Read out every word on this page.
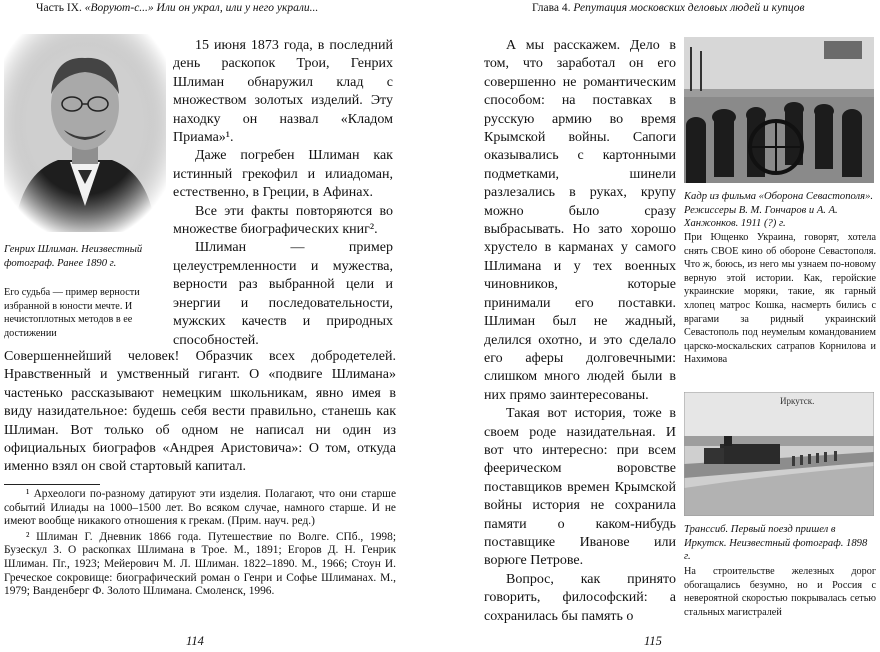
Часть IX. «Воруют-с...» Или он украл, или у него украли...
Генрих Шлиман. Неизвестный фотограф. Ранее 1890 г.
Его судьба — пример верности избранной в юности мечте. И нечистоплотных методов в ее достижении

15 июня 1873 года, в последний день раскопок Трои, Генрих Шлиман обнаружил клад с множеством золотых изделий. Эту находку он назвал «Кладом Приама»¹.

Даже погребен Шлиман как истинный грекофил и илиадоман, естественно, в Греции, в Афинах.

Все эти факты повторяются во множестве биографических книг².

Шлиман — пример целеустремленности и мужества, верности раз выбранной цели и энергии и последовательности, мужских качеств и природных способностей.

Совершеннейший человек! Образчик всех добродетелей. Нравственный и умственный гигант. О «подвиге Шлимана» частенько рассказывают немецким школьникам, явно имея в виду назидательное: будешь себя вести правильно, станешь как Шлиман. Вот только об одном не написал ни один из официальных биографов «Андрея Аристовича»: О том, откуда именно взял он свой стартовый капитал.

¹ Археологи по-разному датируют эти изделия. Полагают, что они старше событий Илиады на 1000–1500 лет. Во всяком случае, намного старше. И не имеют вообще никакого отношения к грекам. (Прим. науч. ред.)

² Шлиман Г. Дневник 1866 года. Путешествие по Волге. СПб., 1998; Бузескул З. О раскопках Шлимана в Трое. М., 1891; Егоров Д. Н. Генрик Шлиман. Пг., 1923; Мейерович М. Л. Шлиман. 1822–1890. М., 1966; Стоун И. Греческое сокровище: биографический роман о Генри и Софье Шлиманах. М., 1979; Ванденберг Ф. Золото Шлимана. Смоленск, 1996.

114
Глава 4. Репутация московских деловых людей и купцов

А мы расскажем. Дело в том, что заработал он его совершенно не романтическим способом: на поставках в русскую армию во время Крымской войны. Сапоги оказывались с картонными подметками, шинели разлезались в руках, крупу можно было сразу выбрасывать. Но зато хорошо хрустело в карманах у самого Шлимана и у тех военных чиновников, которые принимали его поставки. Шлиман был не жадный, делился охотно, и это сделало его аферы долговечными: слишком много людей были в них прямо заинтересованы.

Такая вот история, тоже в своем роде назидательная. И вот что интересно: при всем феерическом воровстве поставщиков времен Крымской войны история не сохранила памяти о каком-нибудь поставщике Иванове или ворюге Петрове.

Вопрос, как принято говорить, философский: а сохранилась бы память о

Кадр из фильма «Оборона Севастополя». Режиссеры В. М. Гончаров и А. А. Ханжонков. 1911 (?) г.
При Ющенко Украина, говорят, хотела снять СВОЕ кино об обороне Севастополя. Что ж, боюсь, из него мы узнаем по-новому верную этой истории. Как, геройские украинские моряки, такие, як гарный хлопец матрос Кошка, насмерть бились с врагами за ридный украинский Севастополь под неумелым командованием царско-москальских сатрапов Корнилова и Нахимова
Иркутск.
Транссиб. Первый поезд пришел в Иркутск. Неизвестный фотограф. 1898 г.
На строительстве железных дорог обогащались безумно, но и Россия с невероятной скоростью покрывалась сетью стальных магистралей
115
